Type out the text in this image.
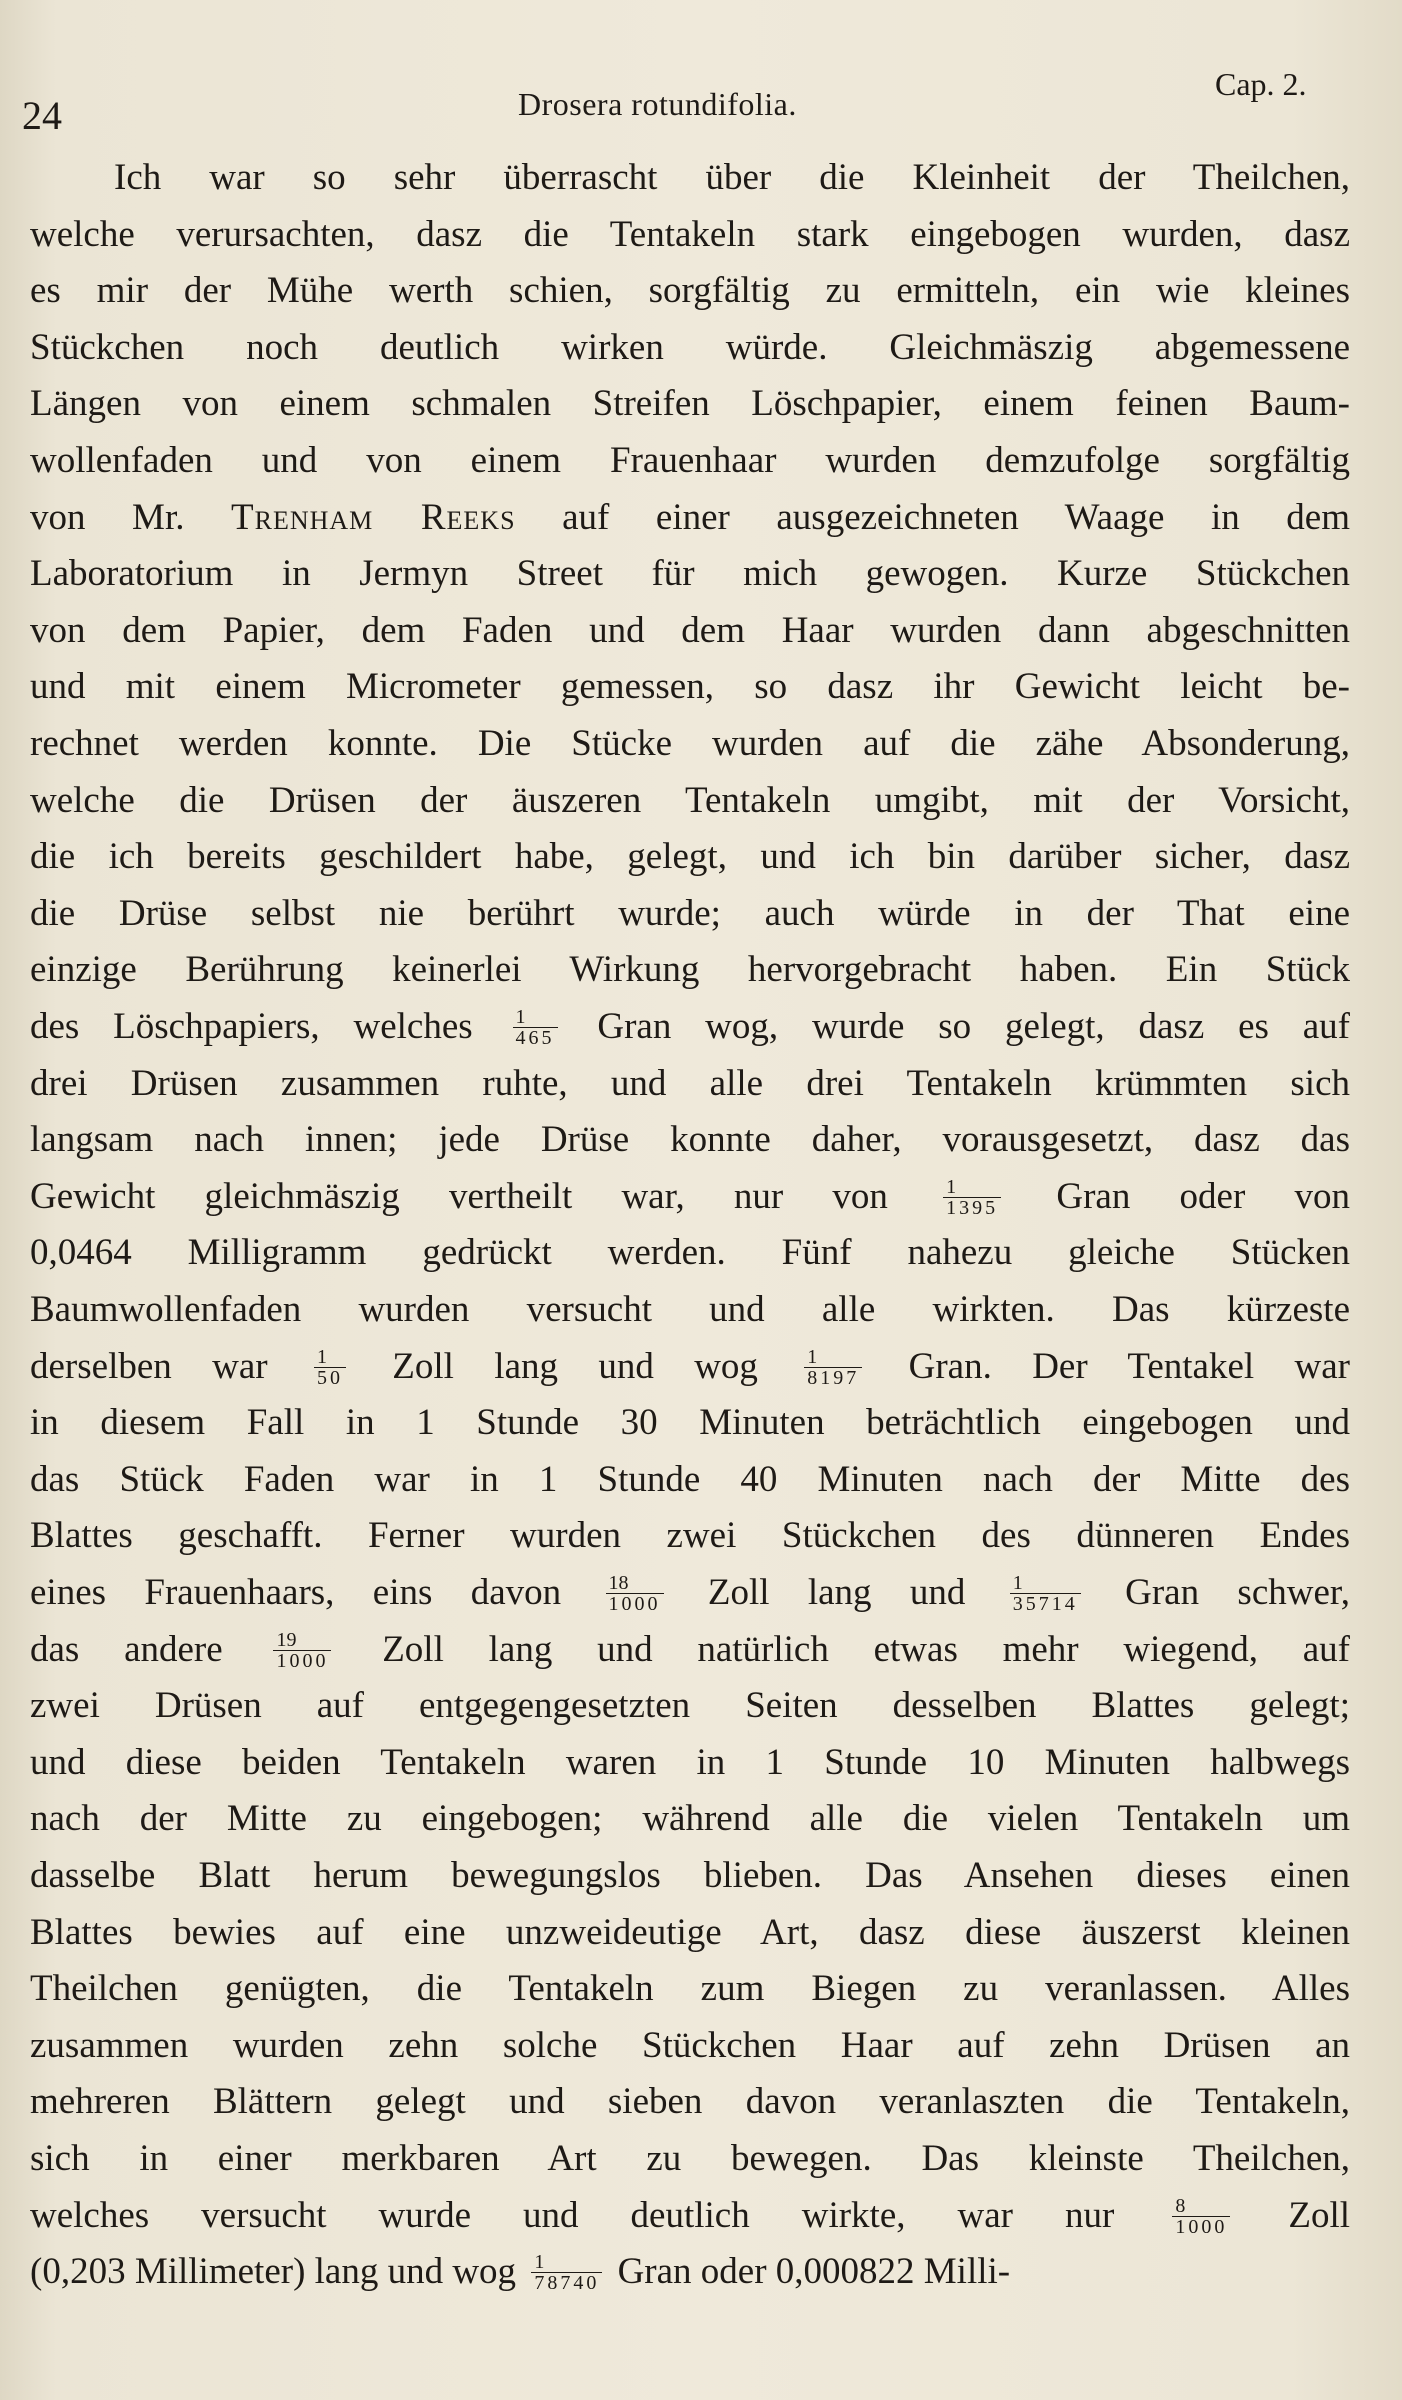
24	Drosera rotundifolia.
Cap. 2.
Ich war so sehr überrascht über die Kleinheit der Theilchen,
welche verursachten, dasz die Tentakeln stark eingebogen wurden, dasz
es mir der Mühe werth schien, sorgfältig zu ermitteln, ein wie kleines
Stückchen noch deutlich wirken würde. Gleichmäszig abgemessene
Längen von einem schmalen Streifen Löschpapier, einem feinen Baum-
wollenfaden und von einem Frauenhaar wurden demzufolge sorgfältig
von Mr. Trenham Reeks auf einer ausgezeichneten Waage in dem
Laboratorium in Jermyn Street für mich gewogen. Kurze Stückchen
von dem Papier, dem Faden und dem Haar wurden dann abgeschnitten
und mit einem Micrometer gemessen, so dasz ihr Gewicht leicht be-
rechnet werden konnte. Die Stücke wurden auf die zähe Absonderung,
welche die Drüsen der äuszeren Tentakeln umgibt, mit der Vorsicht,
die ich bereits geschildert habe, gelegt, und ich bin darüber sicher, dasz
die Drüse selbst nie berührt wurde; auch würde in der That eine
einzige Berührung keinerlei Wirkung hervorgebracht haben. Ein Stück
des Löschpapiers, welches $\frac{1}{465}$ Gran wog, wurde so gelegt, dasz es auf
drei Drüsen zusammen ruhte, und alle drei Tentakeln krümmten sich
langsam nach innen; jede Drüse konnte daher, vorausgesetzt, dasz das
Gewicht gleichmäszig vertheilt war, nur von $\frac{1}{1395}$ Gran oder von
0,0464 Milligramm gedrückt werden. Fünf nahezu gleiche Stücken
Baumwollenfaden wurden versucht und alle wirkten. Das kürzeste
derselben war $\frac{1}{50}$ Zoll lang und wog $\frac{1}{8197}$ Gran. Der Tentakel war
in diesem Fall in 1 Stunde 30 Minuten beträchtlich eingebogen und
das Stück Faden war in 1 Stunde 40 Minuten nach der Mitte des
Blattes geschafft. Ferner wurden zwei Stückchen des dünneren Endes
eines Frauenhaars, eins davon $\frac{18}{1000}$ Zoll lang und $\frac{1}{35714}$ Gran schwer,
das andere $\frac{19}{1000}$ Zoll lang und natürlich etwas mehr wiegend, auf
zwei Drüsen auf entgegengesetzten Seiten desselben Blattes gelegt;
und diese beiden Tentakeln waren in 1 Stunde 10 Minuten halbwegs
nach der Mitte zu eingebogen; während alle die vielen Tentakeln um
dasselbe Blatt herum bewegungslos blieben. Das Ansehen dieses einen
Blattes bewies auf eine unzweideutige Art, dasz diese äuszerst kleinen
Theilchen genügten, die Tentakeln zum Biegen zu veranlassen. Alles
zusammen wurden zehn solche Stückchen Haar auf zehn Drüsen an
mehreren Blättern gelegt und sieben davon veranlaszten die Tentakeln,
sich in einer merkbaren Art zu bewegen. Das kleinste Theilchen,
welches versucht wurde und deutlich wirkte, war nur $\frac{8}{1000}$ Zoll
(0,203 Millimeter) lang und wog $\frac{1}{78740}$ Gran oder 0,000822 Milli-
